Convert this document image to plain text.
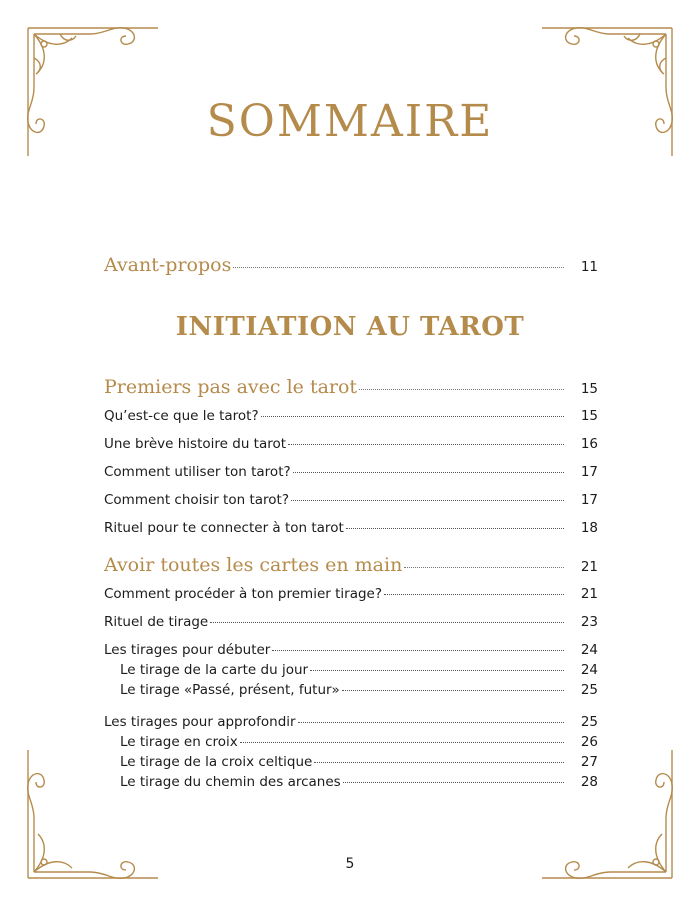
SOMMAIRE
Avant-propos	11
INITIATION AU TAROT
Premiers pas avec le tarot	15
Qu’est-ce que le tarot?	15
Une brève histoire du tarot	16
Comment utiliser ton tarot?	17
Comment choisir ton tarot?	17
Rituel pour te connecter à ton tarot	18
Avoir toutes les cartes en main	21
Comment procéder à ton premier tirage?	21
Rituel de tirage	23
Les tirages pour débuter	24
Le tirage de la carte du jour	24
Le tirage «Passé, présent, futur»	25
Les tirages pour approfondir	25
Le tirage en croix	26
Le tirage de la croix celtique	27
Le tirage du chemin des arcanes	28
5
